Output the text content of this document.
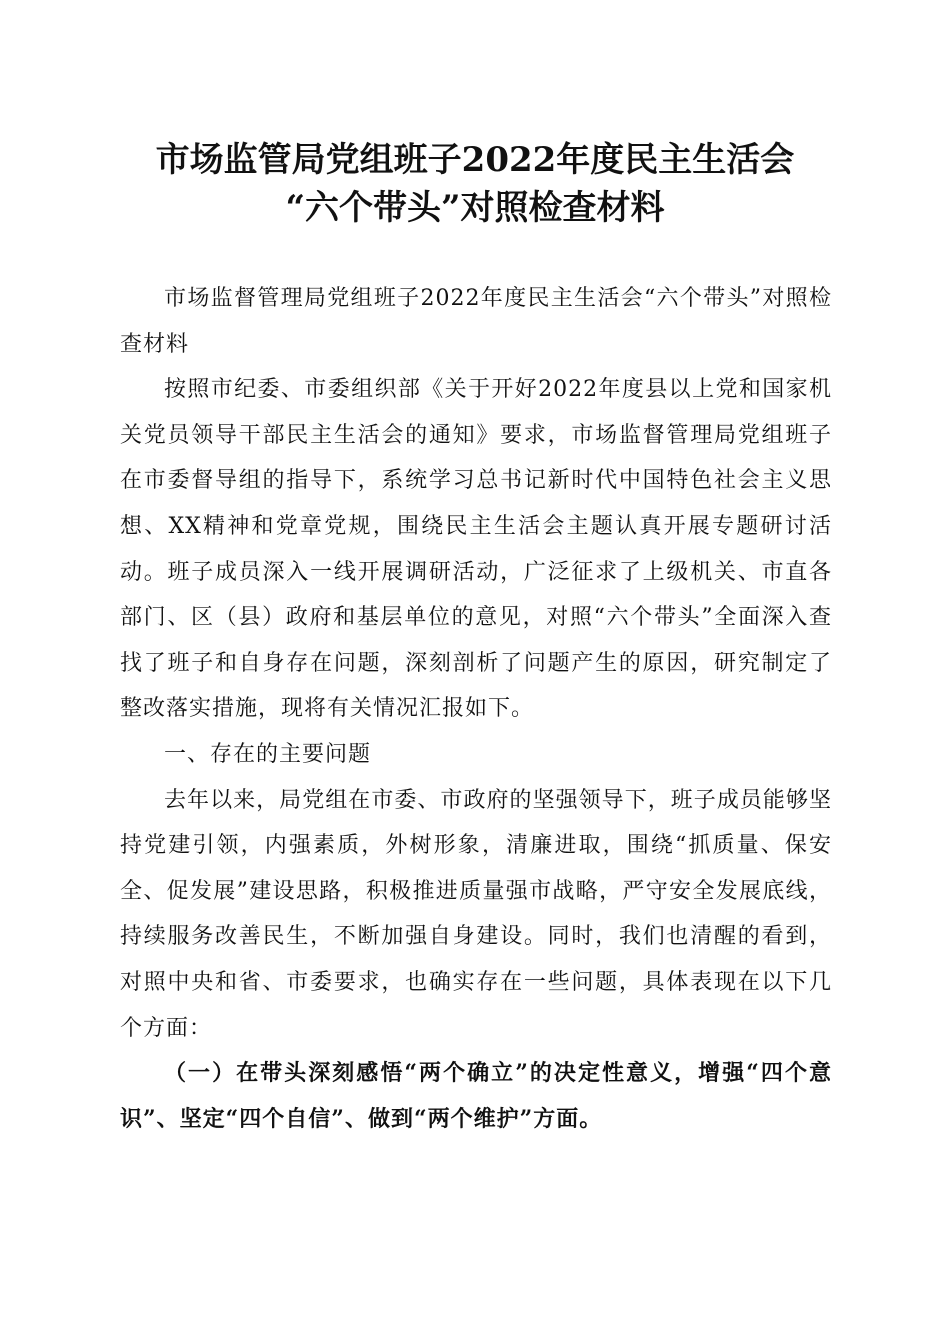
市场监管局党组班子2022年度民主生活会
“六个带头”对照检查材料

市场监督管理局党组班子2022年度民主生活会“六个带头”对照检查材料

按照市纪委、市委组织部《关于开好2022年度县以上党和国家机关党员领导干部民主生活会的通知》要求，市场监督管理局党组班子在市委督导组的指导下，系统学习总书记新时代中国特色社会主义思想、XX精神和党章党规，围绕民主生活会主题认真开展专题研讨活动。班子成员深入一线开展调研活动，广泛征求了上级机关、市直各部门、区（县）政府和基层单位的意见，对照“六个带头”全面深入查找了班子和自身存在问题，深刻剖析了问题产生的原因，研究制定了整改落实措施，现将有关情况汇报如下。

一、存在的主要问题

去年以来，局党组在市委、市政府的坚强领导下，班子成员能够坚持党建引领，内强素质，外树形象，清廉进取，围绕“抓质量、保安全、促发展”建设思路，积极推进质量强市战略，严守安全发展底线，持续服务改善民生，不断加强自身建设。同时，我们也清醒的看到，对照中央和省、市委要求，也确实存在一些问题，具体表现在以下几个方面：

（一）在带头深刻感悟“两个确立”的决定性意义，增强“四个意识”、坚定“四个自信”、做到“两个维护”方面。
